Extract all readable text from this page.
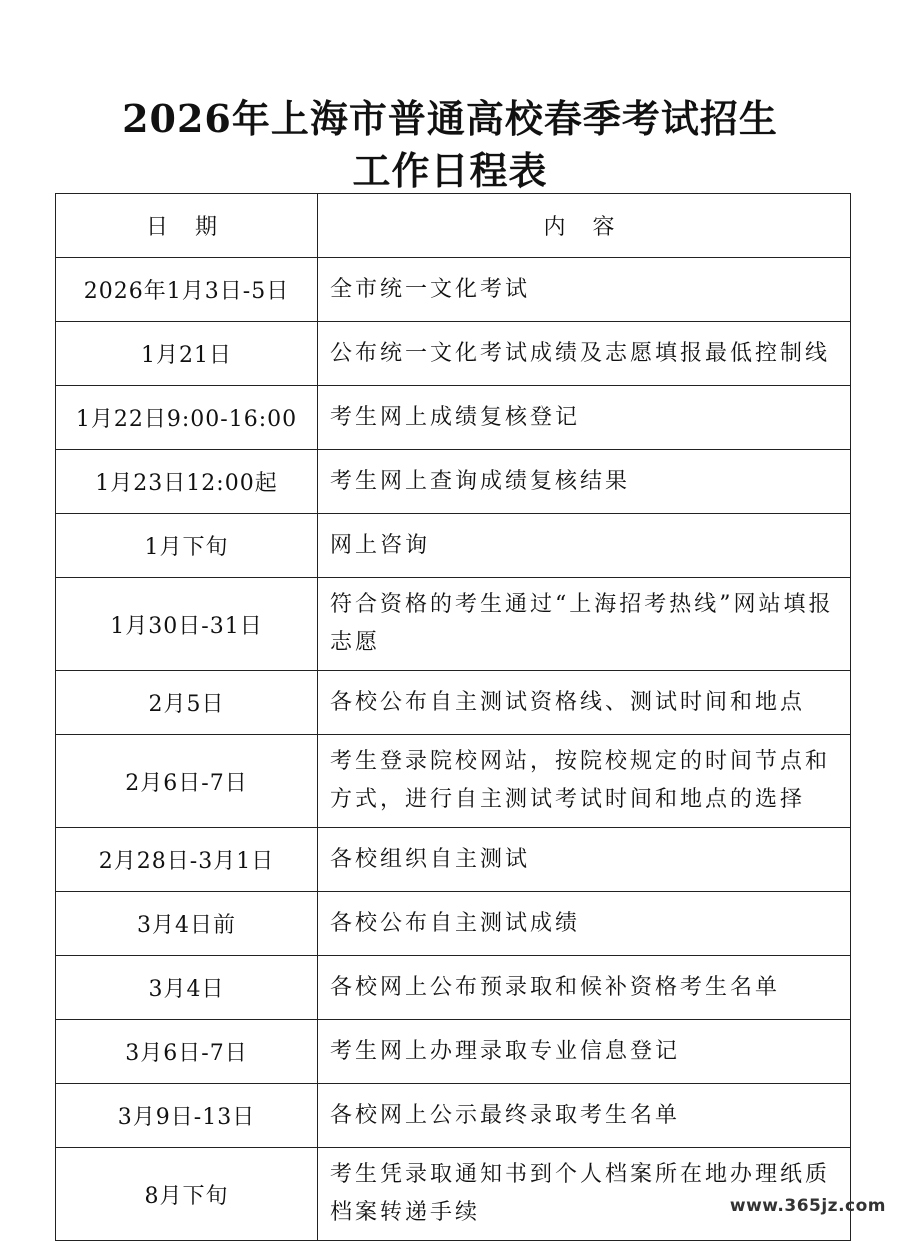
2026年上海市普通高校春季考试招生
工作日程表
日 期	内 容
2026年1月3日-5日	全市统一文化考试
1月21日	公布统一文化考试成绩及志愿填报最低控制线
1月22日9:00-16:00	考生网上成绩复核登记
1月23日12:00起	考生网上查询成绩复核结果
1月下旬	网上咨询
1月30日-31日	符合资格的考生通过“上海招考热线”网站填报志愿
2月5日	各校公布自主测试资格线、测试时间和地点
2月6日-7日	考生登录院校网站，按院校规定的时间节点和方式，进行自主测试考试时间和地点的选择
2月28日-3月1日	各校组织自主测试
3月4日前	各校公布自主测试成绩
3月4日	各校网上公布预录取和候补资格考生名单
3月6日-7日	考生网上办理录取专业信息登记
3月9日-13日	各校网上公示最终录取考生名单
8月下旬	考生凭录取通知书到个人档案所在地办理纸质档案转递手续	www.365jz.com
